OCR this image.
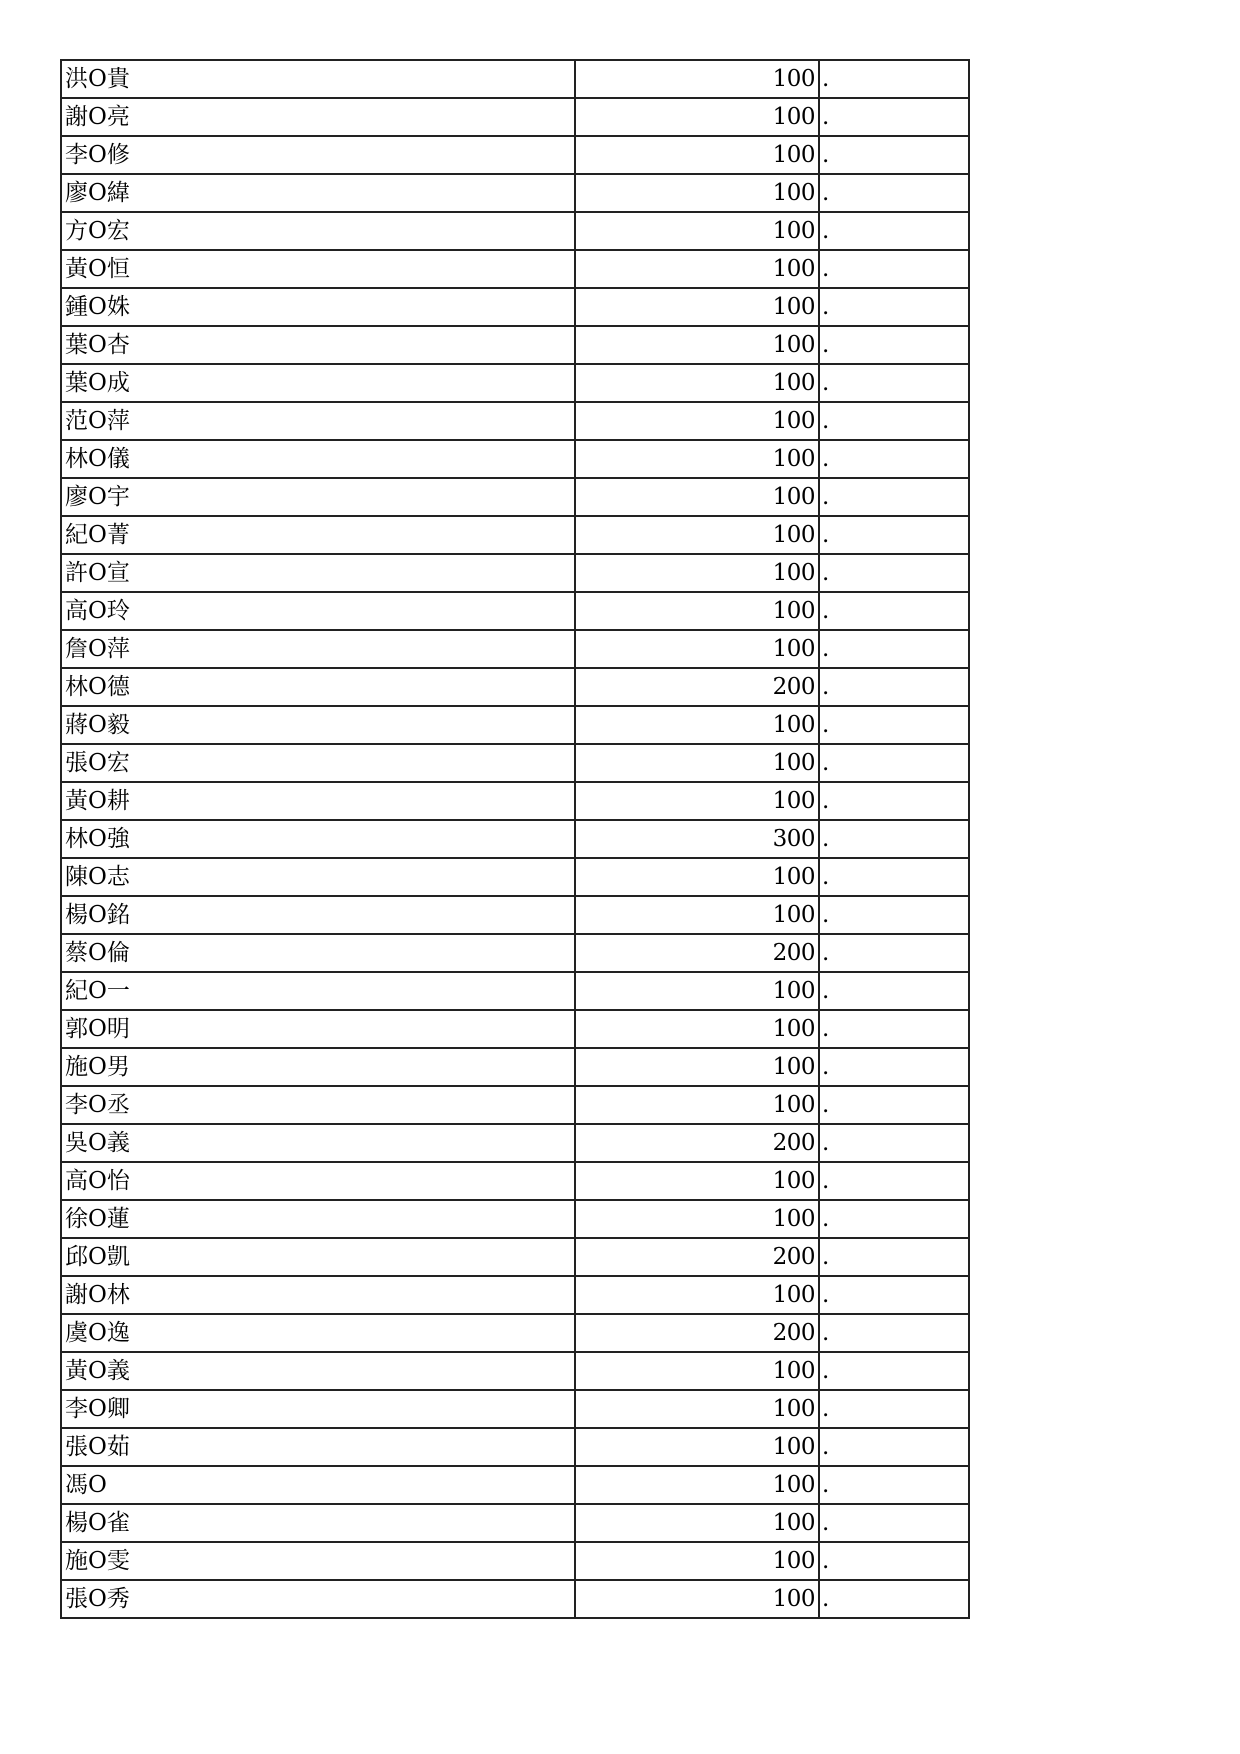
洪O貴	100	.
謝O亮	100	.
李O修	100	.
廖O緯	100	.
方O宏	100	.
黃O恒	100	.
鍾O姝	100	.
葉O杏	100	.
葉O成	100	.
范O萍	100	.
林O儀	100	.
廖O宇	100	.
紀O菁	100	.
許O宣	100	.
高O玲	100	.
詹O萍	100	.
林O德	200	.
蔣O毅	100	.
張O宏	100	.
黃O耕	100	.
林O強	300	.
陳O志	100	.
楊O銘	100	.
蔡O倫	200	.
紀O一	100	.
郭O明	100	.
施O男	100	.
李O丞	100	.
吳O義	200	.
高O怡	100	.
徐O蓮	100	.
邱O凱	200	.
謝O林	100	.
虞O逸	200	.
黃O義	100	.
李O卿	100	.
張O茹	100	.
馮O	100	.
楊O雀	100	.
施O雯	100	.
張O秀	100	.
